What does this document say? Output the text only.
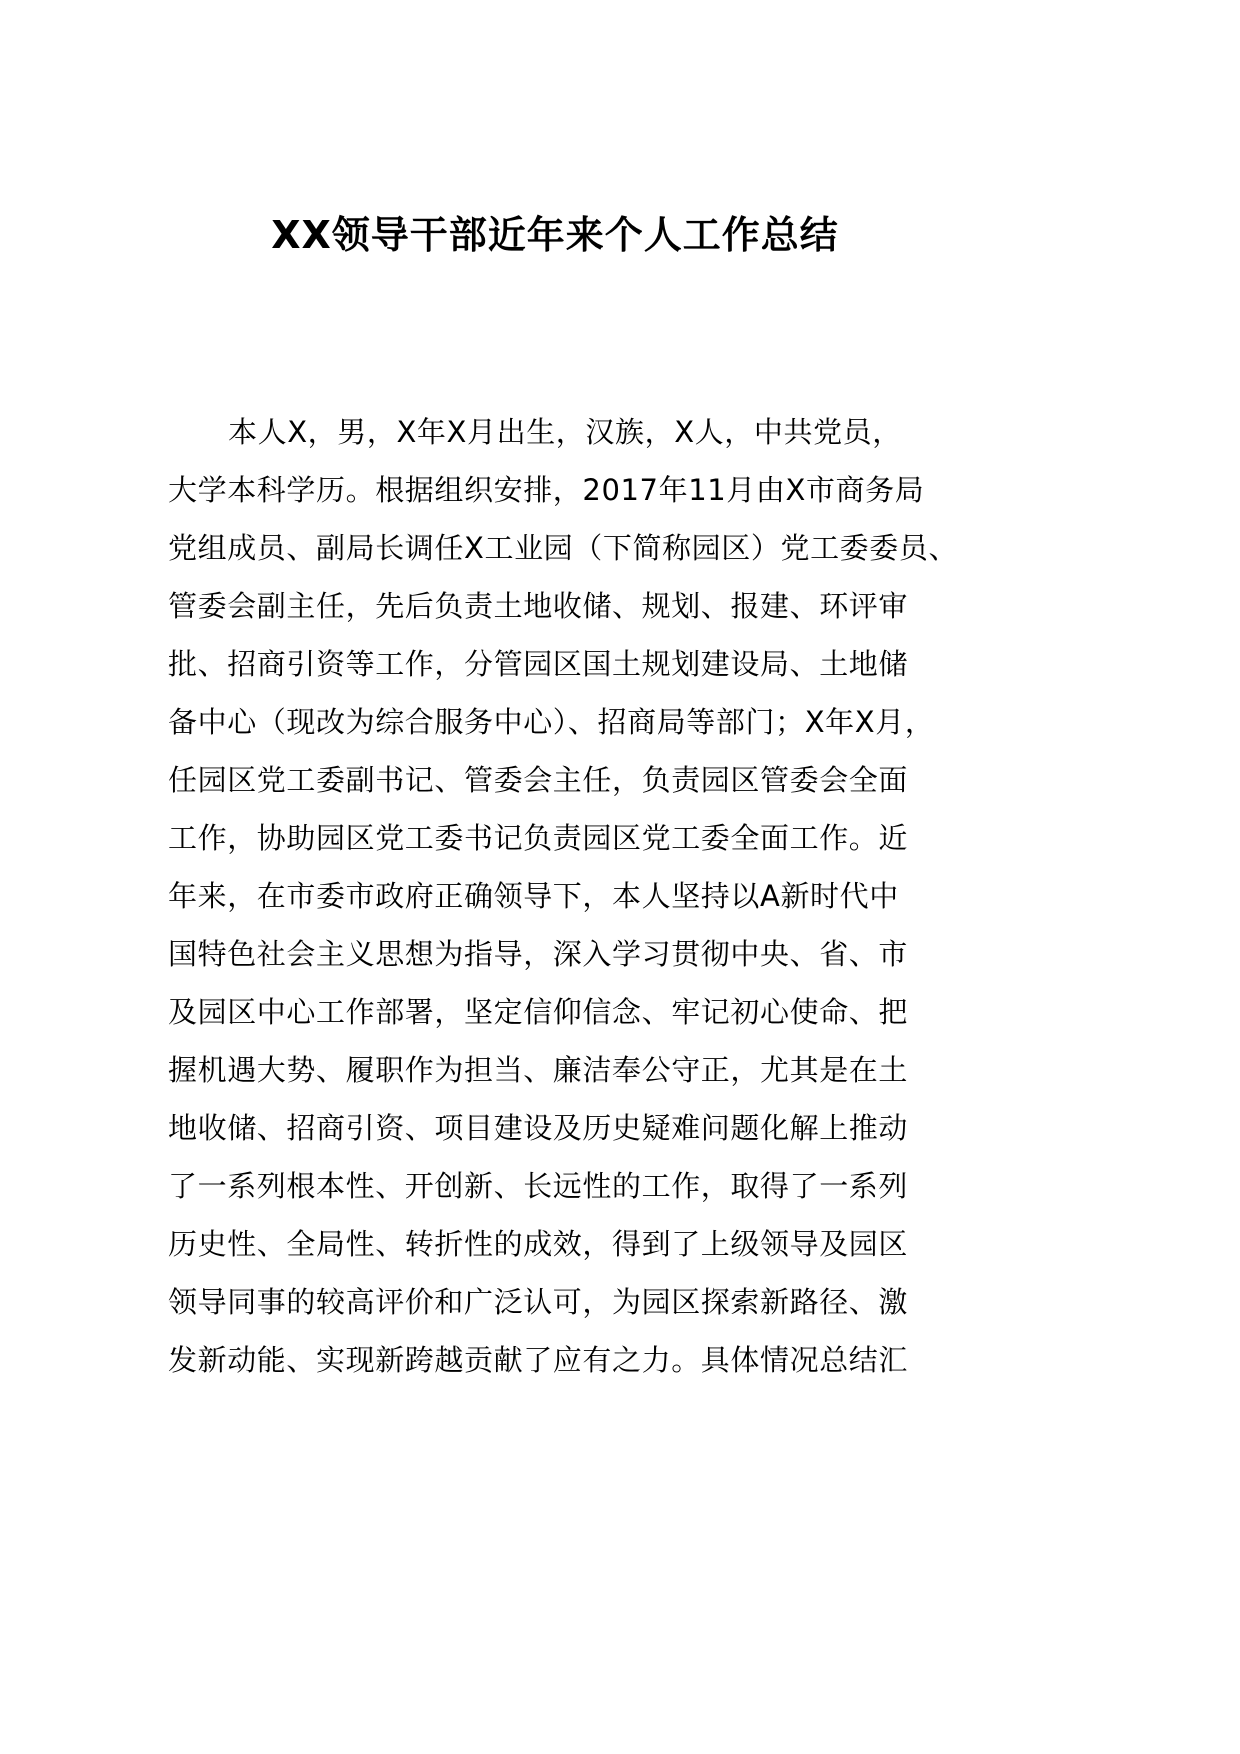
XX领导干部近年来个人工作总结
本人X，男，X年X月出生，汉族，X人，中共党员，
大学本科学历。根据组织安排，2017年11月由X市商务局
党组成员、副局长调任X工业园（下简称园区）党工委委员、
管委会副主任，先后负责土地收储、规划、报建、环评审
批、招商引资等工作，分管园区国土规划建设局、土地储
备中心（现改为综合服务中心）、招商局等部门；X年X月，
任园区党工委副书记、管委会主任，负责园区管委会全面
工作，协助园区党工委书记负责园区党工委全面工作。近
年来，在市委市政府正确领导下，本人坚持以A新时代中
国特色社会主义思想为指导，深入学习贯彻中央、省、市
及园区中心工作部署，坚定信仰信念、牢记初心使命、把
握机遇大势、履职作为担当、廉洁奉公守正，尤其是在土
地收储、招商引资、项目建设及历史疑难问题化解上推动
了一系列根本性、开创新、长远性的工作，取得了一系列
历史性、全局性、转折性的成效，得到了上级领导及园区
领导同事的较高评价和广泛认可，为园区探索新路径、激
发新动能、实现新跨越贡献了应有之力。具体情况总结汇
